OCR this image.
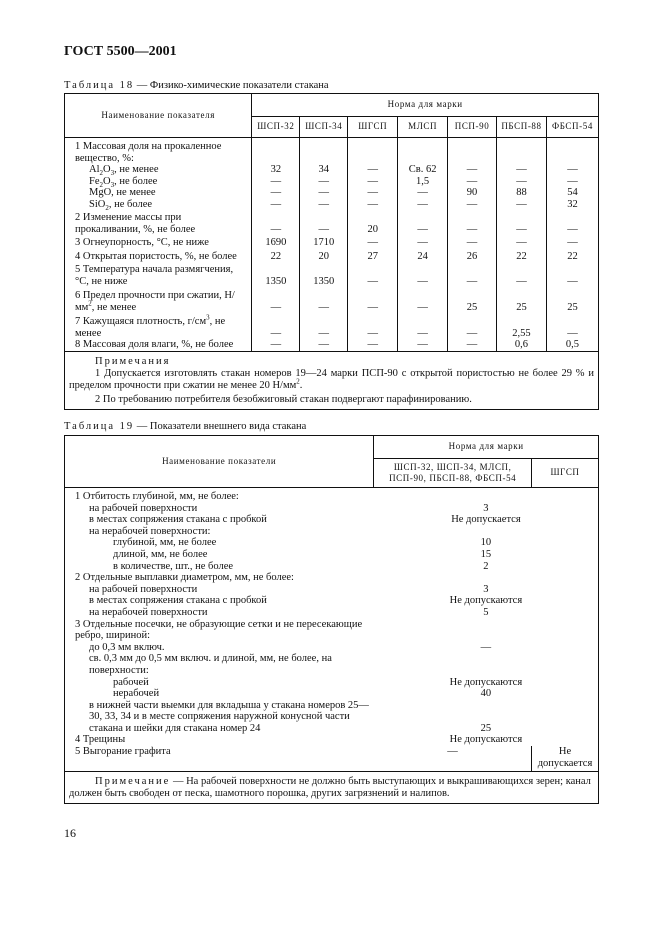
ГОСТ 5500—2001
Таблица 18 — Физико-химические показатели стакана
Наименование показателя	Норма для марки						
	ШСП-32	ШСП-34	ШГСП	МЛСП	ПСП-90	ПБСП-88	ФБСП-54
1 Массовая доля на прокаленное вещество, %:							
$Al_2O_3$, не менее	32	34	—	Св. 62	—	—	—
$Fe_2O_3$, не более	—	—	—	1,5	—	—	—
MgO, не менее	—	—	—	—	90	88	54
SiO$_2$, не более	—	—	—	—	—	—	32
2 Изменение массы при прокаливании, %, не более	—	—	20	—	—	—	—
3 Огнеупорность, °С, не ниже	1690	1710	—	—	—	—	—
4 Открытая пористость, %, не более	22	20	27	24	26	22	22
5 Температура начала размягчения, °С, не ниже	1350	1350	—	—	—	—	—
6 Предел прочности при сжатии, $Н/мм^2$, не менее	—	—	—	—	25	25	25
7 Кажущаяся плотность, $г/см^3$, не менее	—	—	—	—	—	2,55	—
8 Массовая доля влаги, %, не более	—	—	—	—	—	0,6	0,5

Примечания
1 Допускается изготовлять стакан номеров 19—24 марки ПСП-90 с открытой пористостью не более 29 % и пределом прочности при сжатии не менее 20 $Н/мм^2$.
2 По требованию потребителя безобжиговый стакан подвергают парафинированию.							
Таблица 19 — Показатели внешнего вида стакана
Наименование показатели	Норма для марки	
	ШСП-32, ШСП-34, МЛСП, ПСП-90, ПБСП-88, ФБСП-54	ШГСП
1 Отбитость глубиной, мм, не более:		
на рабочей поверхности	3	
в местах сопряжения стакана с пробкой	Не допускается	
на нерабочей поверхности:		
глубиной, мм, не более	10	
длиной, мм, не более	15	
в количестве, шт., не более	2	
2 Отдельные выплавки диаметром, мм, не более:		
на рабочей поверхности	3	
в местах сопряжения стакана с пробкой	Не допускаются	
на нерабочей поверхности	5	
3 Отдельные посечки, не образующие сетки и не пересекающие ребро, шириной:		
до 0,3 мм включ.	—	
св. 0,3 мм до 0,5 мм включ. и длиной, мм, не более, на поверхности:		
рабочей	Не допускаются	
нерабочей	40	
в нижней части выемки для вкладыша у стакана номеров 25—30, 33, 34 и в месте сопряжения наружной конусной части стакана и шейки для стакана номер 24	25	
4 Трещины	Не допускаются	
5 Выгорание графита	—	Не допускается
Примечание — На рабочей поверхности не должно быть выступающих и выкрашивающихся зерен; канал должен быть свободен от песка, шамотного порошка, других загрязнений и налипов.		
16
